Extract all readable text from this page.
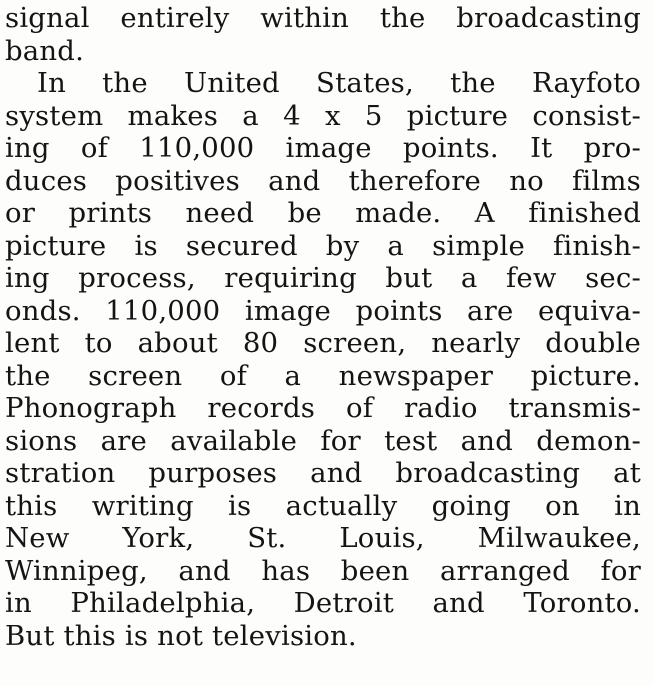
signal entirely within the broadcasting
band.
In the United States, the Rayfoto
system makes a 4 x 5 picture consist-
ing of 110,000 image points. It pro-
duces positives and therefore no films
or prints need be made. A finished
picture is secured by a simple finish-
ing process, requiring but a few sec-
onds. 110,000 image points are equiva-
lent to about 80 screen, nearly double
the screen of a newspaper picture.
Phonograph records of radio transmis-
sions are available for test and demon-
stration purposes and broadcasting at
this writing is actually going on in
New York, St. Louis, Milwaukee,
Winnipeg, and has been arranged for
in Philadelphia, Detroit and Toronto.
But this is not television.
